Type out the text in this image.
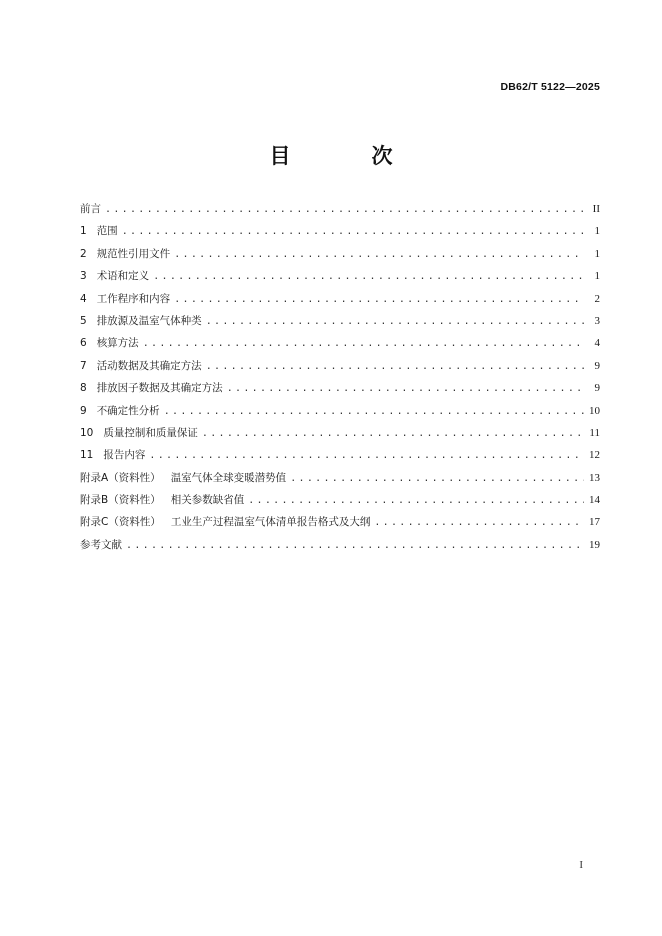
DB62/T 5122—2025
目　次
前言 .....	II
1 范围 .....	1
2 规范性引用文件 .....	1
3 术语和定义 .....	1
4 工作程序和内容 .....	2
5 排放源及温室气体种类 .....	3
6 核算方法 .....	4
7 活动数据及其确定方法 .....	9
8 排放因子数据及其确定方法 .....	9
9 不确定性分析 .....	10
10 质量控制和质量保证 .....	11
11 报告内容 .....	12
附录A（资料性） 温室气体全球变暖潜势值 .....	13
附录B（资料性） 相关参数缺省值 .....	14
附录C（资料性） 工业生产过程温室气体清单报告格式及大纲 .....	17
参考文献 .....	19
I
